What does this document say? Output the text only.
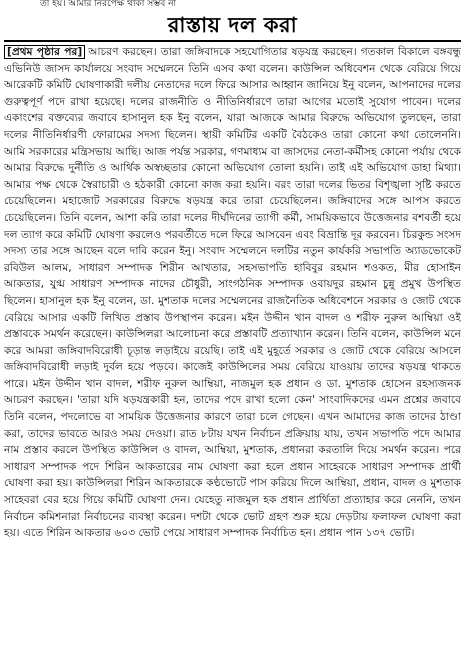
তী হয়। আমার নিরপেক্ষ থাকা সম্ভব না
রাস্তায় দল করা

[প্রথম পৃষ্ঠার পর] আচরণ করছেন। তারা জঙ্গিবাদকে সহযোগিতার ষড়যন্ত্র করছেন। গতকাল বিকালে বঙ্গবন্ধু এভিনিউ জাসদ কার্যালয়ে সংবাদ সম্মেলনে তিনি এসব কথা বলেন। কাউন্সিল অধিবেশন থেকে বেরিয়ে গিয়ে আরেকটি কমিটি ঘোষণাকারী দলীয় নেতাদের দলে ফিরে আসার আহ্বান জানিয়ে ইনু বলেন, আপনাদের দলের গুরুত্বপূর্ণ পদে রাখা হয়েছে। দলের রাজনীতি ও নীতিনির্ধারণে তারা আগের মতোই সুযোগ পাবেন। দলের একাংশের বক্তব্যের জবাবে হাসানুল হক ইনু বলেন, যারা আজকে আমার বিরুদ্ধে অভিযোগ তুলছেন, তারা দলের নীতিনির্ধারণী ফোরামের সদস্য ছিলেন। স্থায়ী কমিটির একটি বৈঠকেও তারা কোনো কথা তোলেননি। আমি সরকারের মন্ত্রিসভায় আছি। আজ পর্যন্ত সরকার, গণমাধ্যম বা জাসদের নেতা-কর্মীসহ কোনো পর্যায় থেকে আমার বিরুদ্ধে দুর্নীতি ও আর্থিক অস্বচ্ছতার কোনো অভিযোগ তোলা হয়নি। তাই এই অভিযোগ ডাহা মিথ্যা। আমার পক্ষ থেকে স্বৈরাচারী ও হঠকারী কোনো কাজ করা হয়নি। বরং তারা দলের ভিতর বিশৃঙ্খলা সৃষ্টি করতে চেয়েছিলেন। মহাজোট সরকারের বিরুদ্ধে ষড়যন্ত্র করে তারা চেয়েছিলেন। জঙ্গিবাদের সঙ্গে আপস করতে চেয়েছিলেন। তিনি বলেন, আশা করি তারা দলের দীর্ঘদিনের ত্যাগী কর্মী, সাময়িকভাবে উত্তেজনার বশবর্তী হয়ে দল ত্যাগ করে কমিটি ঘোষণা করলেও পরবর্তীতে দলে ফিরে আসবেন এবং বিভ্রান্তি দূর করবেন। চিরকুন্ড সংসদ সদস্য তার সঙ্গে আছেন বলে দাবি করেন ইনু। সংবাদ সম্মেলনে দলটির নতুন কার্যকরি সভাপতি অ্যাডভোকেট রবিউল আলম, সাধারণ সম্পাদক শিরীন আখতার, সহসভাপতি হাবিবুর রহমান শওকত, মীর হোসাইন আকতার, যুগ্ম সাধারণ সম্পাদক নাদের চৌধুরী, সাংগঠনিক সম্পাদক ওবায়দুর রহমান চুন্নু প্রমুখ উপস্থিত ছিলেন। হাসানুল হক ইনু বলেন, ডা. মুশতাক দলের সম্মেলনের রাজনৈতিক অধিবেশনে সরকার ও জোট থেকে বেরিয়ে আসার একটি লিখিত প্রস্তাব উপস্থাপন করেন। মইন উদ্দীন খান বাদল ও শরীফ নুরুল আম্বিয়া ওই প্রস্তাবকে সমর্থন করেছেন। কাউন্সিলরা আলোচনা করে প্রস্তাবটি প্রত্যাখ্যান করেন। তিনি বলেন, কাউন্সিল মনে করে আমরা জঙ্গিবাদবিরোধী চূড়ান্ত লড়াইয়ে রয়েছি। তাই এই মুহূর্তে সরকার ও জোট থেকে বেরিয়ে আসলে জঙ্গিবাদবিরোধী লড়াই দুর্বল হয়ে পড়বে। কাজেই কাউন্সিলের সময় বেরিয়ে যাওয়ায় তাদের ষড়যন্ত্র থাকতে পারে। মইন উদ্দীন খান বাদল, শরীফ নুরুল আম্বিয়া, নাজমুল হক প্রধান ও ডা. মুশতাক হোসেন রহস্যজনক আচরণ করছেন। 'তারা যদি ষড়যন্ত্রকারী হন, তাদের পদে রাখা হলো কেন' সাংবাদিকদের এমন প্রশ্নের জবাবে তিনি বলেন, পদলোভে বা সাময়িক উত্তেজনার কারণে তারা চলে গেছেন। এখন আমাদের কাজ তাদের ঠাণ্ডা করা, তাদের ভাবতে আরও সময় দেওয়া। রাত ৮টায় যখন নির্বাচন প্রক্রিয়ায় যায়, তখন সভাপতি পদে আমার নাম প্রস্তাব করলে উপস্থিত কাউন্সিল ও বাদল, আম্বিয়া, মুশতাক, প্রধানরা করতালি দিয়ে সমর্থন করেন। পরে সাধারণ সম্পাদক পদে শিরিন আকতারের নাম ঘোষণা করা হলে প্রধান সাহেবকে সাধারণ সম্পাদক প্রার্থী ঘোষণা করা হয়। কাউন্সিলরা শিরিন আকতারকে কণ্ঠভোটে পাস করিয়ে দিলে আম্বিয়া, প্রধান, বাদল ও মুশতাক সাহেবরা বের হয়ে গিয়ে কমিটি ঘোষণা দেন। যেহেতু নাজমুল হক প্রধান প্রার্থিতা প্রত্যাহার করে নেননি, তখন নির্বাচন কমিশনারা নির্বাচনের ব্যবস্থা করেন। দশটা থেকে ভোট গ্রহণ শুরু হয়ে দেড়টায় ফলাফল ঘোষণা করা হয়। এতে শিরিন আকতার ৬০৩ ভোট পেয়ে সাধারণ সম্পাদক নির্বাচিত হন। প্রধান পান ১৩৭ ভোট।
